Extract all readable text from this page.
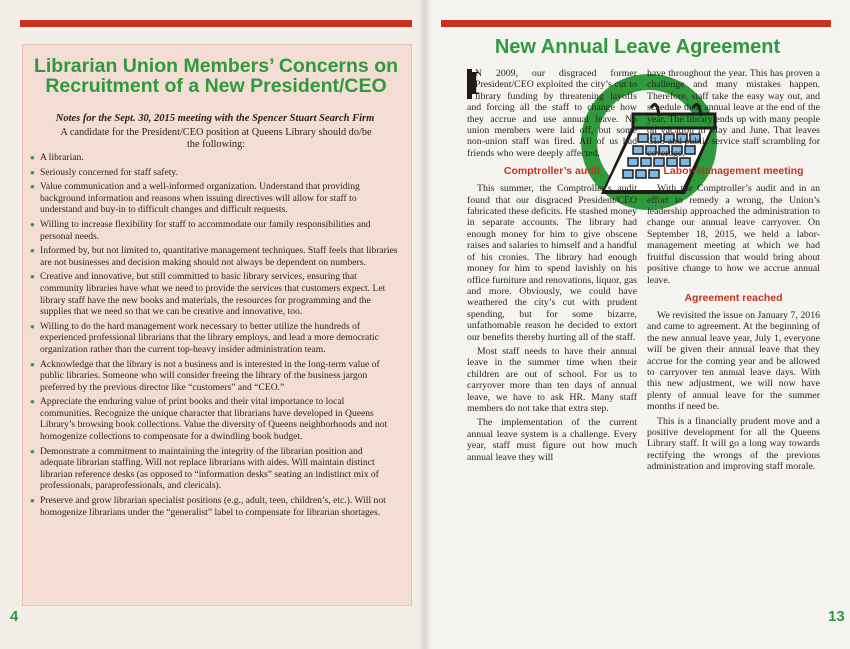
Librarian Union Members’ Concerns on Recruitment of a New President/CEO
Notes for the Sept. 30, 2015 meeting with the Spencer Stuart Search Firm
A candidate for the President/CEO position at Queens Library should do/be the following:
● A librarian.
● Seriously concerned for staff safety.
● Value communication and a well-informed organization. Understand that providing background information and reasons when issuing directives will allow for staff to understand and buy-in to difficult changes and difficult requests.
● Willing to increase flexibility for staff to accommodate our family responsibilities and personal needs.
● Informed by, but not limited to, quantitative management techniques. Staff feels that libraries are not businesses and decision making should not always be dependent on numbers.
● Creative and innovative, but still committed to basic library services, ensuring that community libraries have what we need to provide the services that customers expect. Let library staff have the new books and materials, the resources for programming and the supplies that we need so that we can be creative and innovative, too.
● Willing to do the hard management work necessary to better utilize the hundreds of experienced professional librarians that the library employs, and lead a more democratic organization rather than the current top-heavy insider administration team.
● Acknowledge that the library is not a business and is interested in the long-term value of public libraries. Someone who will consider freeing the library of the business jargon preferred by the previous director like “customers” and “CEO.”
● Appreciate the enduring value of print books and their vital importance to local communities. Recognize the unique character that librarians have developed in Queens Library’s browsing book collections. Value the diversity of Queens neighborhoods and not homogenize collections to compensate for a dwindling book budget.
● Demonstrate a commitment to maintaining the integrity of the librarian position and adequate librarian staffing. Will not replace librarians with aides. Will maintain distinct librarian reference desks (as opposed to “information desks” seating an indistinct mix of professionals, paraprofessionals, and clericals).
● Preserve and grow librarian specialist positions (e.g., adult, teen, children’s, etc.). Will not homogenize librarians under the “generalist” label to compensate for librarian shortages.
4
New Annual Leave Agreement

I
N 2009, our disgraced former President/CEO exploited the city’s cut to library funding by threatening layoffs and forcing all the staff to change how they accrue and use annual leave. No union members were laid off, but some non-union staff was fired. All of us had friends who were deeply affected.

Comptroller’s audit

This summer, the Comptroller’s audit found that our disgraced President/CEO fabricated these deficits. He stashed money in separate accounts. The library had enough money for him to give obscene raises and salaries to himself and a handful of his cronies. The library had enough money for him to spend lavishly on his office furniture and renovations, liquor, gas and more. Obviously, we could have weathered the city’s cut with prudent spending, but for some bizarre, unfathomable reason he decided to extort our benefits thereby hurting all of the staff.

Most staff needs to have their annual leave in the summer time when their children are out of school. For us to carryover more than ten days of annual leave, we have to ask HR. Many staff members do not take that extra step.

The implementation of the current annual leave system is a challenge. Every year, staff must figure out how much annual leave they will

have throughout the year. This has proven a challenge and many mistakes happen. Therefore, staff take the easy way out, and schedule their annual leave at the end of the year. The library ends up with many people on vacation in May and June. That leaves CLS and public service staff scrambling for coverage.

Labor-Management meeting

With the Comptroller’s audit and in an effort to remedy a wrong, the Union’s leadership approached the administration to change our annual leave carryover. On September 18, 2015, we held a labor-management meeting at which we had fruitful discussion that would bring about positive change to how we accrue annual leave.

Agreement reached

We revisited the issue on January 7, 2016 and came to agreement. At the beginning of the new annual leave year, July 1, everyone will be given their annual leave that they accrue for the coming year and be allowed to carryover ten annual leave days. With this new adjustment, we will now have plenty of annual leave for the summer months if need be.

This is a financially prudent move and a positive development for all the Queens Library staff. It will go a long way towards rectifying the wrongs of the previous administration and improving staff morale.

13
